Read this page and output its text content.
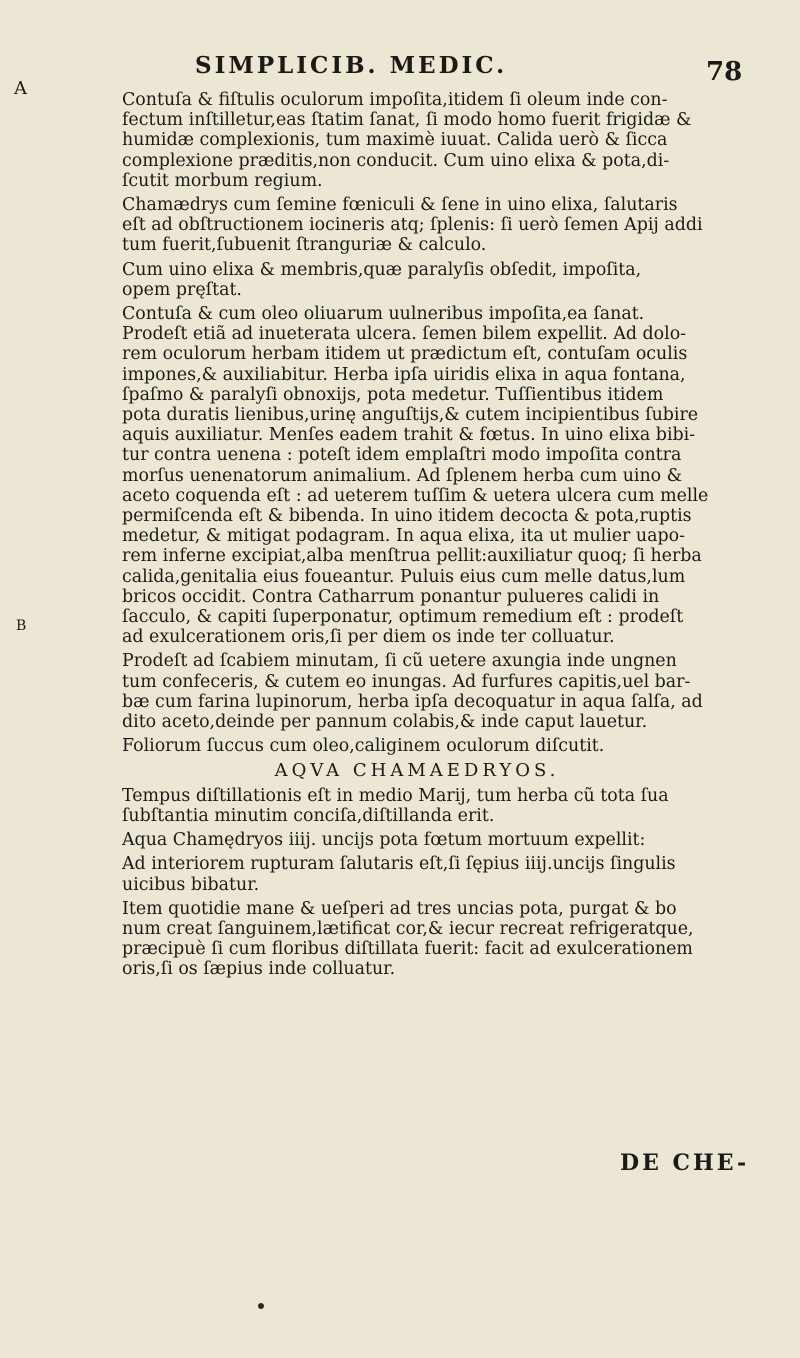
A
B
SIMPLICIB. MEDIC.	78
Contuſa & fiſtulis oculorum impoſita,itidem ſi oleum inde con-
fectum inſtilletur,eas ſtatim ſanat, ſi modo homo fuerit frigidæ &
humidæ complexionis, tum maximè iuuat. Calida uerò & ſicca
complexione præditis,non conducit. Cum uino elixa & pota,di-
ſcutit morbum regium.
Chamædrys cum ſemine fœniculi & ſene in uino elixa, ſalutaris
eſt ad obſtructionem iocineris atq; ſplenis: ſi uerò ſemen Apij addi
tum fuerit,ſubuenit ſtranguriæ & calculo.
Cum uino elixa & membris,quæ paralyſis obſedit, impoſita,
opem pręſtat.
Contuſa & cum oleo oliuarum uulneribus impoſita,ea ſanat.
Prodeſt etiã ad inueterata ulcera. ſemen bilem expellit. Ad dolo-
rem oculorum herbam itidem ut prædictum eſt, contuſam oculis
impones,& auxiliabitur. Herba ipſa uiridis elixa in aqua fontana,
ſpaſmo & paralyſi obnoxijs, pota medetur. Tuſſientibus itidem
pota duratis lienibus,urinę anguſtijs,& cutem incipientibus ſubire
aquis auxiliatur. Menſes eadem trahit & fœtus. In uino elixa bibi-
tur contra uenena : poteſt idem emplaſtri modo impoſita contra
morſus uenenatorum animalium. Ad ſplenem herba cum uino &
aceto coquenda eſt : ad ueterem tuſſim & uetera ulcera cum melle
permiſcenda eſt & bibenda. In uino itidem decocta & pota,ruptis
medetur, & mitigat podagram. In aqua elixa, ita ut mulier uapo-
rem inferne excipiat,alba menſtrua pellit:auxiliatur quoq; ſi herba
calida,genitalia eius foueantur. Puluis eius cum melle datus,lum
bricos occidit. Contra Catharrum ponantur pulueres calidi in
ſacculo, & capiti ſuperponatur, optimum remedium eſt : prodeſt
ad exulcerationem oris,ſi per diem os inde ter colluatur.
Prodeſt ad ſcabiem minutam, ſi cũ uetere axungia inde ungnen
tum confeceris, & cutem eo inungas. Ad furfures capitis,uel bar-
bæ cum farina lupinorum, herba ipſa decoquatur in aqua ſalſa, ad
dito aceto,deinde per pannum colabis,& inde caput lauetur.
Foliorum ſuccus cum oleo,caliginem oculorum diſcutit.
AQVA CHAMAEDRYOS.
Tempus diſtillationis eſt in medio Marij, tum herba cũ tota ſua
ſubſtantia minutim conciſa,diſtillanda erit.
Aqua Chamędryos iiij. uncijs pota fœtum mortuum expellit:
Ad interiorem rupturam ſalutaris eſt,ſi ſępius iiij.uncijs ſingulis
uicibus bibatur.
Item quotidie mane & ueſperi ad tres uncias pota, purgat & bo
num creat ſanguinem,lætificat cor,& iecur recreat refrigeratque,
præcipuè ſi cum floribus diſtillata fuerit: facit ad exulcerationem
oris,ſi os ſæpius inde colluatur.
DE CHE-
